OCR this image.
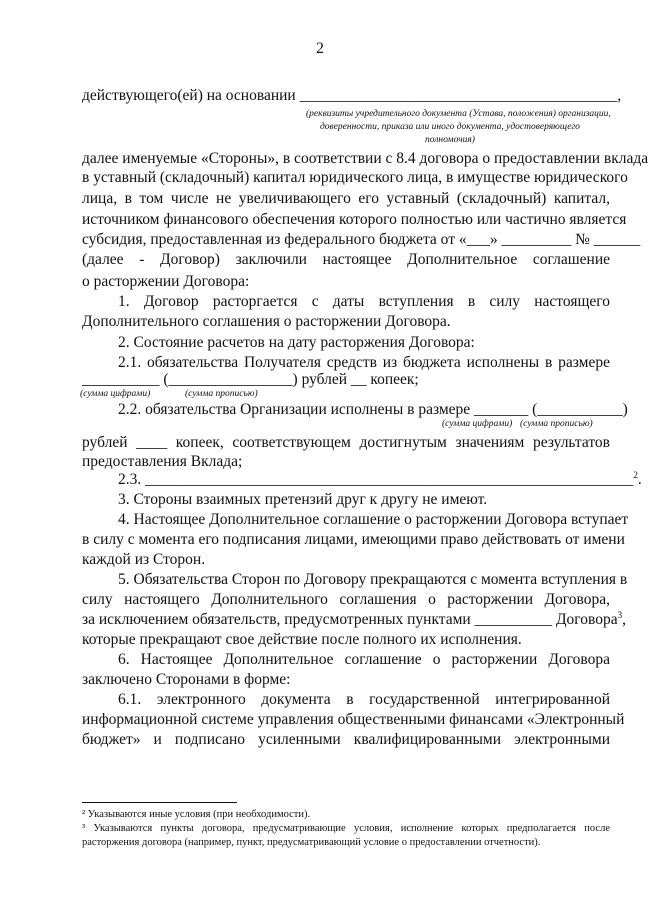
2
действующего(ей) на основании _________________________________________,
(реквизиты учредительного документа (Устава, положения) организации,
доверенности, приказа или иного документа, удостоверяющего
полномочия)
далее именуемые «Стороны», в соответствии с 8.4 договора о предоставлении вклада
в уставный (складочный) капитал юридического лица, в имуществе юридического
лица, в том числе не увеличивающего его уставный (складочный) капитал,
источником финансового обеспечения которого полностью или частично является
субсидия, предоставленная из федерального бюджета от «___» _________ № ______
(далее - Договор) заключили настоящее Дополнительное соглашение
о расторжении Договора:
1. Договор расторгается с даты вступления в силу настоящего
Дополнительного соглашения о расторжении Договора.
2. Состояние расчетов на дату расторжения Договора:
2.1. обязательства Получателя средств из бюджета исполнены в размере
__________ (________________) рублей __ копеек;
(сумма цифрами)	(сумма прописью)
2.2. обязательства Организации исполнены в размере _______ (___________)
(сумма цифрами) (сумма прописью)
рублей ____ копеек, соответствующем достигнутым значениям результатов
предоставления Вклада;
2.3. _______________________________________________________________$^2$.
3. Стороны взаимных претензий друг к другу не имеют.
4. Настоящее Дополнительное соглашение о расторжении Договора вступает
в силу с момента его подписания лицами, имеющими право действовать от имени
каждой из Сторон.
5. Обязательства Сторон по Договору прекращаются с момента вступления в
силу настоящего Дополнительного соглашения о расторжении Договора,
за исключением обязательств, предусмотренных пунктами __________ Договора$^3$,
которые прекращают свое действие после полного их исполнения.
6. Настоящее Дополнительное соглашение о расторжении Договора
заключено Сторонами в форме:
6.1. электронного документа в государственной интегрированной
информационной системе управления общественными финансами «Электронный
бюджет» и подписано усиленными квалифицированными электронными
² Указываются иные условия (при необходимости).
³ Указываются пункты договора, предусматривающие условия, исполнение которых предполагается после
расторжения договора (например, пункт, предусматривающий условие о предоставлении отчетности).
